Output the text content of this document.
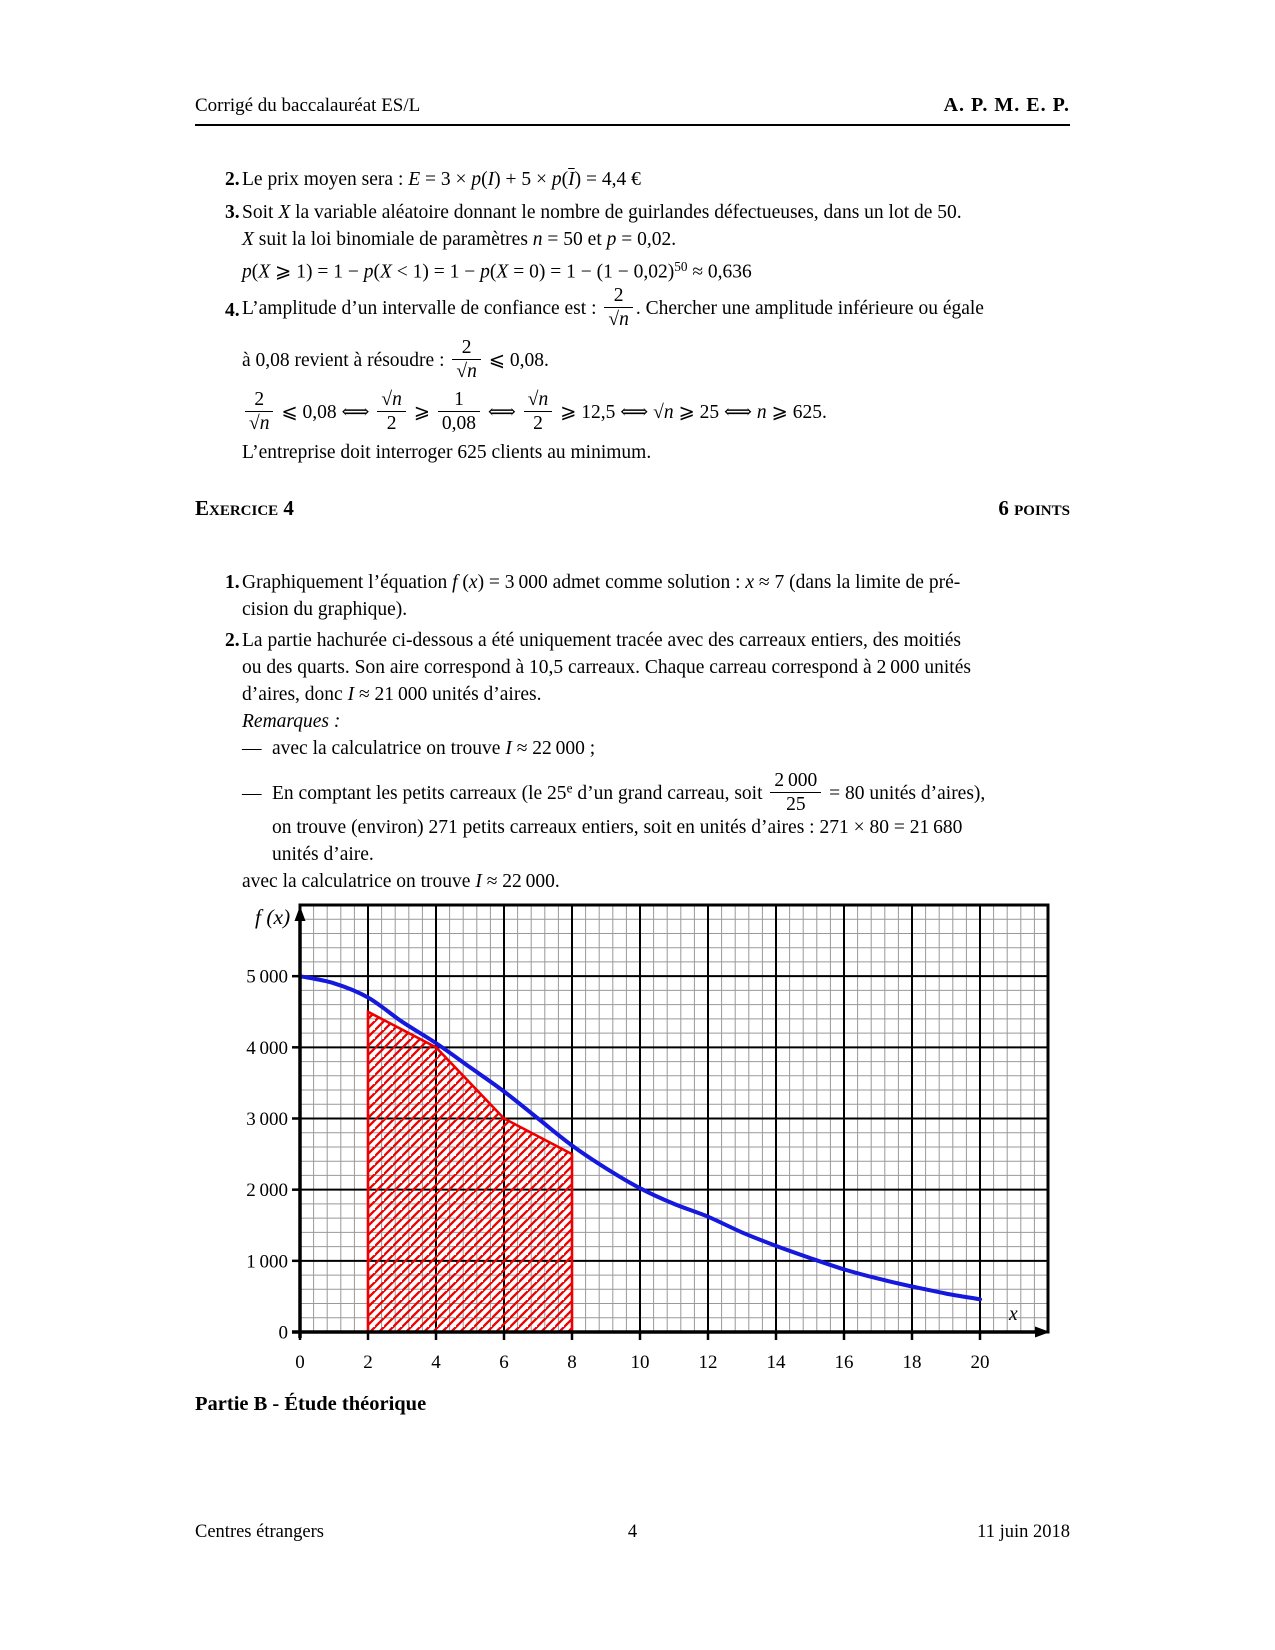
Corrigé du baccalauréat ES/L	A. P. M. E. P.
2. Le prix moyen sera : $E = 3 \times p(I) + 5 \times p(\overline{I}) = 4,4$ €
3. Soit X la variable aléatoire donnant le nombre de guirlandes défectueuses, dans un lot de 50.
X suit la loi binomiale de paramètres n = 50 et p = 0,02.
p(X ⩾ $1) = 1 - p(X < 1) = 1 - p(X = 0) = 1 - (1 - 0,02)^{50} \approx 0,636$
4. L’amplitude d’un intervalle de confiance est : $\frac{2}{√n}$ . Chercher une amplitude inférieure ou égale
à 0,08 revient à résoudre : $\frac{2}{√n}$ ⩽ 0,08.
$\frac{2}{√n}$ ⩽ 0,08 ⟺ $\frac{√n}{2}$ ⩾ $\frac{1}{0,08}$ ⟺ $\frac{√n}{2}$ ⩾ 12,5 ⟺ √n ⩾ 25 ⟺ n ⩾ 625.
L’entreprise doit interroger 625 clients au minimum.
Exercice 4	6 points
1. Graphiquement l’équation f (x) = 3 000 admet comme solution : x ≈ 7 (dans la limite de pré-
cision du graphique).
2. La partie hachurée ci-dessous a été uniquement tracée avec des carreaux entiers, des moitiés
ou des quarts. Son aire correspond à 10,5 carreaux. Chaque carreau correspond à 2 000 unités
d’aires, donc I ≈ 21 000 unités d’aires.
Remarques :
— avec la calculatrice on trouve I ≈ 22 000 ;
— En comptant les petits carreaux (le 25e d’un grand carreau, soit $\frac{2 000}{25} = 80$ unités d’aires),
on trouve (environ) 271 petits carreaux entiers, soit en unités d’aires : 271 × 80 = 21 680
unités d’aire.
avec la calculatrice on trouve I ≈ 22 000.
0	2	4	6	8	10	12	14	16	18	20
0
1 000
2 000
3 000
4 000
5 000
f (x)
x
Partie B - Étude théorique
Centres étrangers	4	11 juin 2018
